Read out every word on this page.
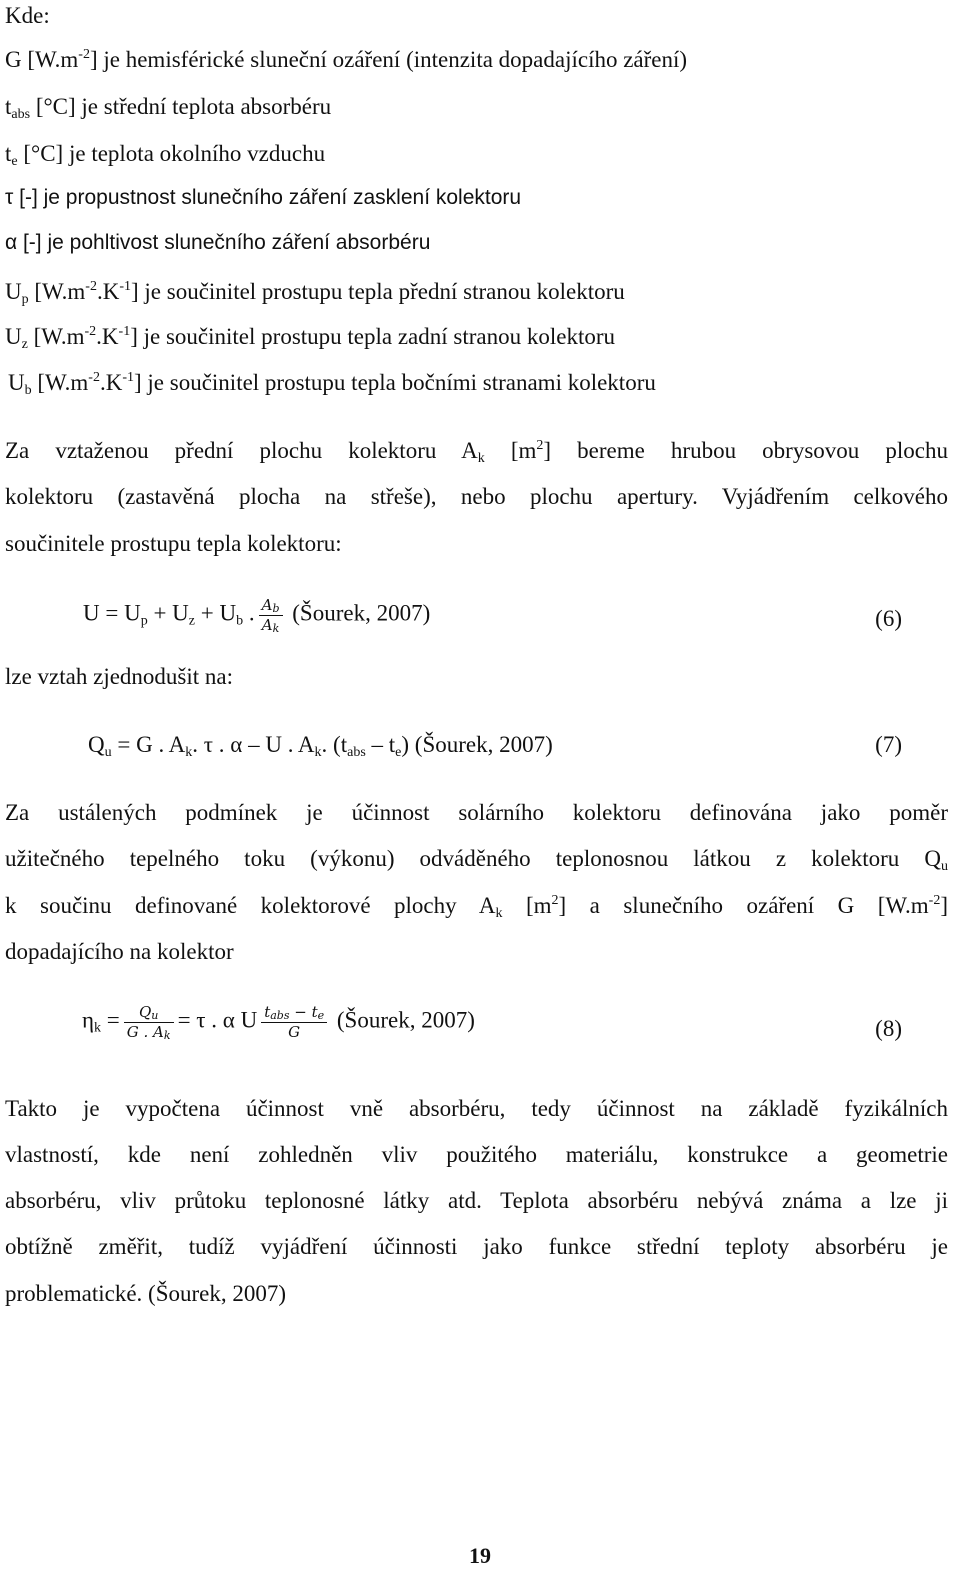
Kde:
G $[W.m^{-2}]$ je hemisférické sluneční ozáření (intenzita dopadajícího záření)
$t_{abs}$ [°C] je střední teplota absorbéru
$t_e$ [°C] je teplota okolního vzduchu
τ [-] je propustnost slunečního záření zasklení kolektoru
α [-] je pohltivost slunečního záření absorbéru
$U_p$ $[W.m^{-2}.K^{-1}]$ je součinitel prostupu tepla přední stranou kolektoru
$U_z$ $[W.m^{-2}.K^{-1}]$ je součinitel prostupu tepla zadní stranou kolektoru
$U_b$ $[W.m^{-2}.K^{-1}]$ je součinitel prostupu tepla bočními stranami kolektoru
Za vztaženou přední plochu kolektoru $A_k$ $[m^2]$ bereme hrubou obrysovou plochu
kolektoru (zastavěná plocha na střeše), nebo plochu apertury. Vyjádřením celkového
součinitele prostupu tepla kolektoru:
$U = U_p + U_z + U_b$ . $\frac{A_b}{A_k}$ (Šourek, 2007)	(6)
lze vztah zjednodušit na:
$Q_u = G$ . $A_k$. τ . α – U . $A_k$. $(t_{abs} - t_e)$ (Šourek, 2007)	(7)
Za ustálených podmínek je účinnost solárního kolektoru definována jako poměr
užitečného tepelného toku (výkonu) odváděného teplonosnou látkou z kolektoru $Q_u$
k součinu definované kolektorové plochy $A_k$ $[m^2]$ a slunečního ozáření G $[W.m^{-2}]$
dopadajícího na kolektor
$\eta_k = \frac{Q_u}{G . A_k} = \tau$ . α U $\frac{t_{abs} - t_e}{G}$ (Šourek, 2007)	(8)
Takto je vypočtena účinnost vně absorbéru, tedy účinnost na základě fyzikálních
vlastností, kde není zohledněn vliv použitého materiálu, konstrukce a geometrie
absorbéru, vliv průtoku teplonosné látky atd. Teplota absorbéru nebývá známa a lze ji
obtížně změřit, tudíž vyjádření účinnosti jako funkce střední teploty absorbéru je
problematické. (Šourek, 2007)
19
